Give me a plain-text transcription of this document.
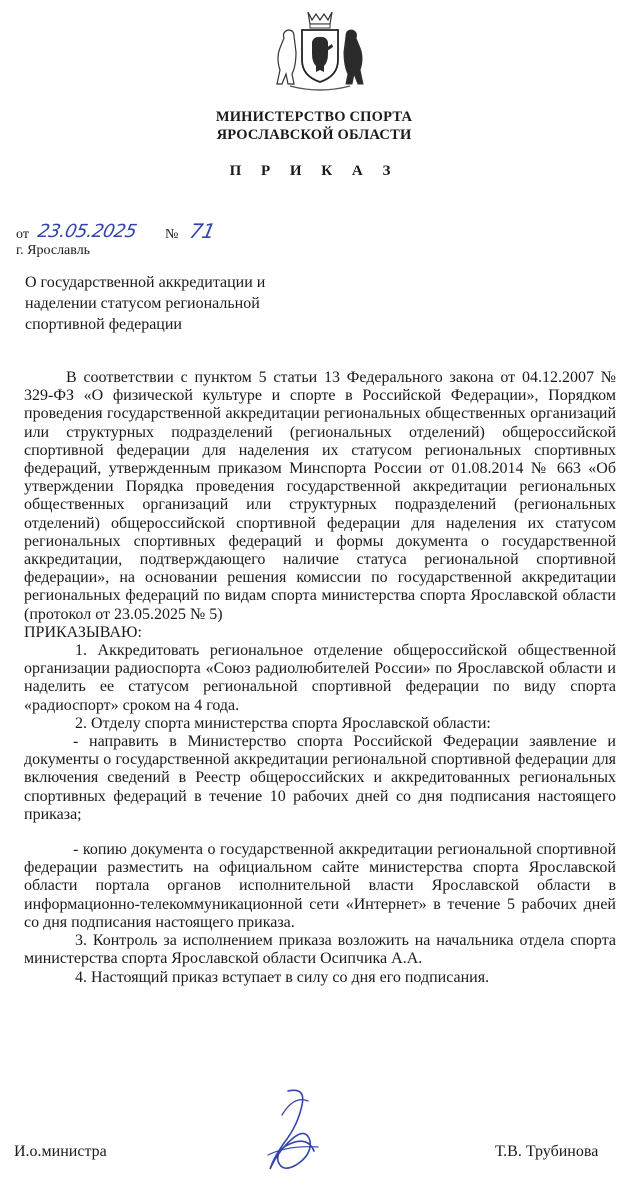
МИНИСТЕРСТВО СПОРТА
ЯРОСЛАВСКОЙ ОБЛАСТИ
П Р И К А З
от 23.05.2025 № 71
г. Ярославль
О государственной аккредитации и
наделении статусом региональной
спортивной федерации

В соответствии с пунктом 5 статьи 13 Федерального закона от 04.12.2007 № 329-ФЗ «О физической культуре и спорте в Российской Федерации», Порядком проведения государственной аккредитации региональных общественных организаций или структурных подразделений (региональных отделений) общероссийской спортивной федерации для наделения их статусом региональных спортивных федераций, утвержденным приказом Минспорта России от 01.08.2014 № 663 «Об утверждении Порядка проведения государственной аккредитации региональных общественных организаций или структурных подразделений (региональных отделений) общероссийской спортивной федерации для наделения их статусом региональных спортивных федераций и формы документа о государственной аккредитации, подтверждающего наличие статуса региональной спортивной федерации», на основании решения комиссии по государственной аккредитации региональных федераций по видам спорта министерства спорта Ярославской области (протокол от 23.05.2025 № 5)

ПРИКАЗЫВАЮ:

1. Аккредитовать региональное отделение общероссийской общественной организации радиоспорта «Союз радиолюбителей России» по Ярославской области и наделить ее статусом региональной спортивной федерации по виду спорта «радиоспорт» сроком на 4 года.

2. Отделу спорта министерства спорта Ярославской области:

- направить в Министерство спорта Российской Федерации заявление и документы о государственной аккредитации региональной спортивной федерации для включения сведений в Реестр общероссийских и аккредитованных региональных спортивных федераций в течение 10 рабочих дней со дня подписания настоящего приказа;

- копию документа о государственной аккредитации региональной спортивной федерации разместить на официальном сайте министерства спорта Ярославской области портала органов исполнительной власти Ярославской области в информационно-телекоммуникационной сети «Интернет» в течение 5 рабочих дней со дня подписания настоящего приказа.

3. Контроль за исполнением приказа возложить на начальника отдела спорта министерства спорта Ярославской области Осипчика А.А.

4. Настоящий приказ вступает в силу со дня его подписания.

И.о.министра	Т.В. Трубинова
